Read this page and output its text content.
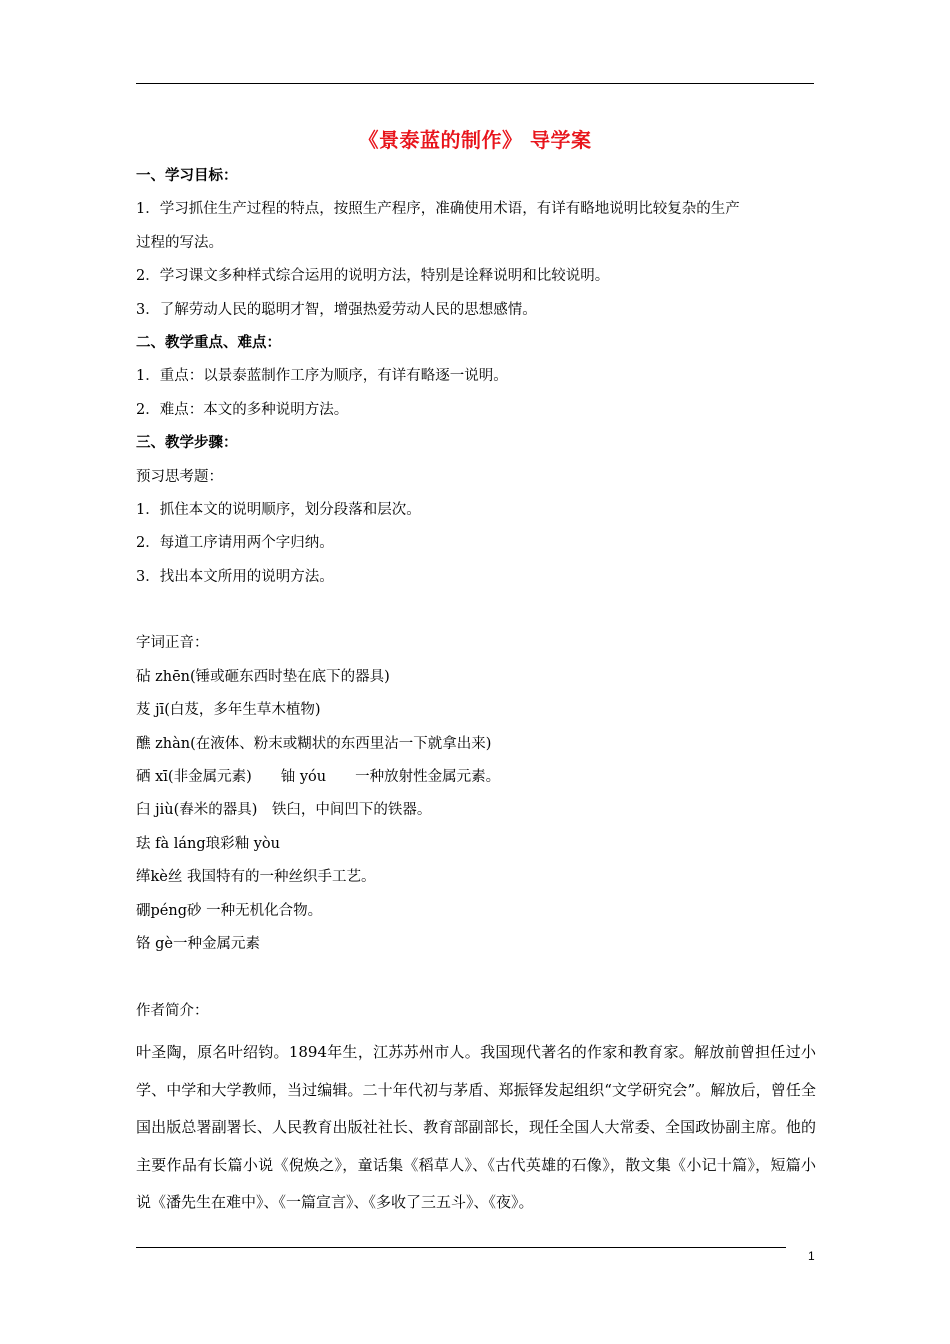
《景泰蓝的制作》 导学案
一、学习目标：
1．学习抓住生产过程的特点，按照生产程序，准确使用术语，有详有略地说明比较复杂的生产
过程的写法。
2．学习课文多种样式综合运用的说明方法，特别是诠释说明和比较说明。
3．了解劳动人民的聪明才智，增强热爱劳动人民的思想感情。
二、教学重点、难点：
1．重点：以景泰蓝制作工序为顺序，有详有略逐一说明。
2．难点：本文的多种说明方法。
三、教学步骤：
预习思考题：
1．抓住本文的说明顺序，划分段落和层次。
2．每道工序请用两个字归纳。
3．找出本文所用的说明方法。
字词正音：
砧 zhēn(锤或砸东西时垫在底下的器具)
芨 jī(白芨，多年生草木植物)
醮 zhàn(在液体、粉末或糊状的东西里沾一下就拿出来)
硒 xī(非金属元素)　　铀 yóu　　一种放射性金属元素。
臼 jiù(舂米的器具)　铁臼，中间凹下的铁器。
珐 fà láng琅彩釉 yòu
缂kè丝 我国特有的一种丝织手工艺。
硼péng砂 一种无机化合物。
铬 gè一种金属元素
作者简介：
叶圣陶，原名叶绍钧。1894年生，江苏苏州市人。我国现代著名的作家和教育家。解放前曾担任过小学、中学和大学教师，当过编辑。二十年代初与茅盾、郑振铎发起组织“文学研究会”。解放后，曾任全国出版总署副署长、人民教育出版社社长、教育部副部长，现任全国人大常委、全国政协副主席。他的主要作品有长篇小说《倪焕之》，童话集《稻草人》、《古代英雄的石像》，散文集《小记十篇》，短篇小说《潘先生在难中》、《一篇宣言》、《多收了三五斗》、《夜》。
1
